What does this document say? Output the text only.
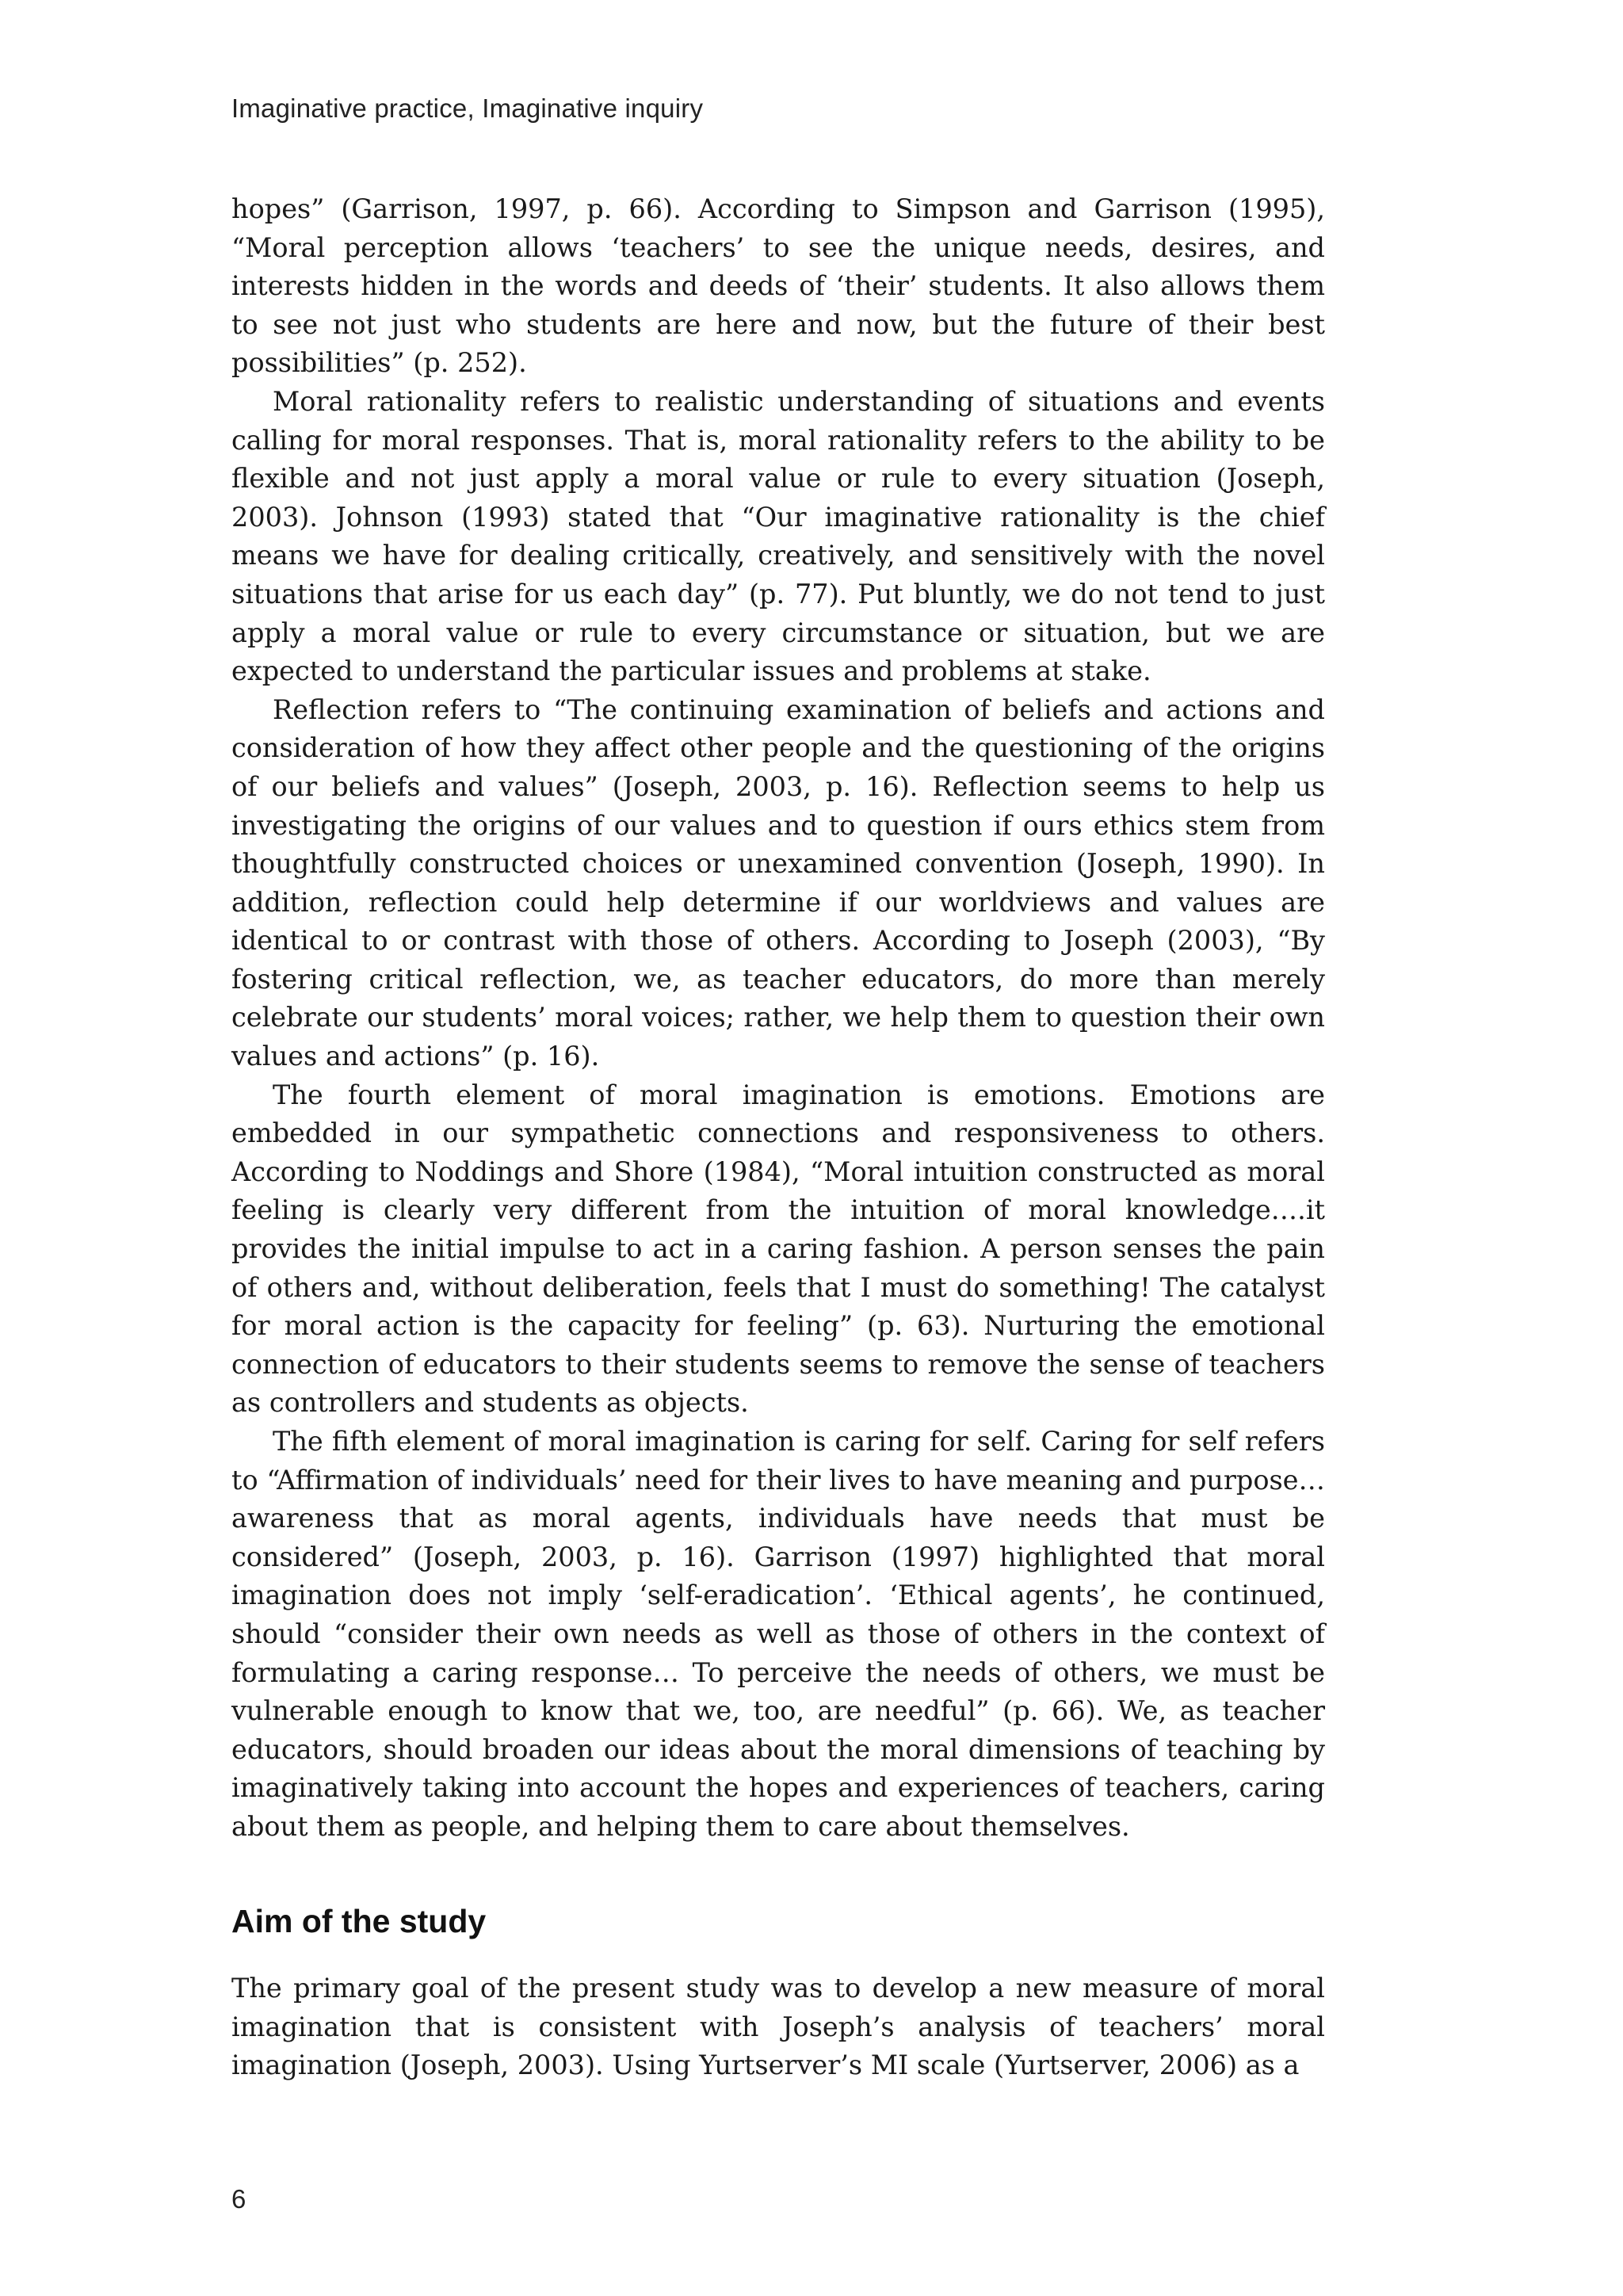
Imaginative practice, Imaginative inquiry

hopes” (Garrison, 1997, p. 66). According to Simpson and Garrison (1995), “Moral perception allows ‘teachers’ to see the unique needs, desires, and interests hidden in the words and deeds of ‘their’ students. It also allows them to see not just who students are here and now, but the future of their best possibilities” (p. 252).

Moral rationality refers to realistic understanding of situations and events calling for moral responses. That is, moral rationality refers to the ability to be flexible and not just apply a moral value or rule to every situation (Joseph, 2003). Johnson (1993) stated that “Our imaginative rationality is the chief means we have for dealing critically, creatively, and sensitively with the novel situations that arise for us each day” (p. 77). Put bluntly, we do not tend to just apply a moral value or rule to every circumstance or situation, but we are expected to understand the particular issues and problems at stake.

Reflection refers to “The continuing examination of beliefs and actions and consideration of how they affect other people and the questioning of the origins of our beliefs and values” (Joseph, 2003, p. 16). Reflection seems to help us investigating the origins of our values and to question if ours ethics stem from thoughtfully constructed choices or unexamined convention (Joseph, 1990). In addition, reflection could help determine if our worldviews and values are identical to or contrast with those of others. According to Joseph (2003), “By fostering critical reflection, we, as teacher educators, do more than merely celebrate our students’ moral voices; rather, we help them to question their own values and actions” (p. 16).

The fourth element of moral imagination is emotions. Emotions are embedded in our sympathetic connections and responsiveness to others. According to Noddings and Shore (1984), “Moral intuition constructed as moral feeling is clearly very different from the intuition of moral knowledge….it provides the initial impulse to act in a caring fashion. A person senses the pain of others and, without deliberation, feels that I must do something! The catalyst for moral action is the capacity for feeling” (p. 63). Nurturing the emotional connection of educators to their students seems to remove the sense of teachers as controllers and students as objects.

The fifth element of moral imagination is caring for self. Caring for self refers to “Affirmation of individuals’ need for their lives to have meaning and purpose…awareness that as moral agents, individuals have needs that must be considered” (Joseph, 2003, p. 16). Garrison (1997) highlighted that moral imagination does not imply ‘self-eradication’. ‘Ethical agents’, he continued, should “consider their own needs as well as those of others in the context of formulating a caring response… To perceive the needs of others, we must be vulnerable enough to know that we, too, are needful” (p. 66). We, as teacher educators, should broaden our ideas about the moral dimensions of teaching by imaginatively taking into account the hopes and experiences of teachers, caring about them as people, and helping them to care about themselves.

Aim of the study

The primary goal of the present study was to develop a new measure of moral imagination that is consistent with Joseph’s analysis of teachers’ moral imagination (Joseph, 2003). Using Yurtserver’s MI scale (Yurtserver, 2006) as a

6
